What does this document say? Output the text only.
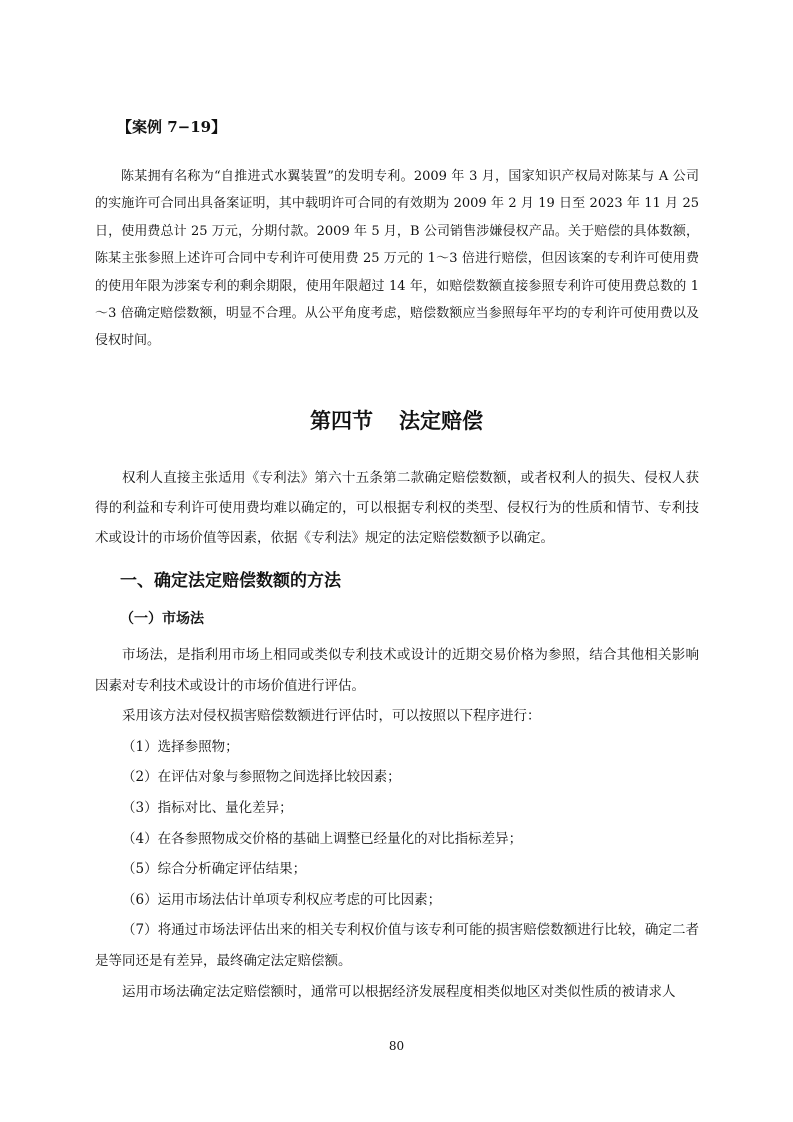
【案例 7−19】

陈某拥有名称为“自推进式水翼装置”的发明专利。2009 年 3 月，国家知识产权局对陈某与 A 公司的实施许可合同出具备案证明，其中载明许可合同的有效期为 2009 年 2 月 19 日至 2023 年 11 月 25 日，使用费总计 25 万元，分期付款。2009 年 5 月，B 公司销售涉嫌侵权产品。关于赔偿的具体数额，陈某主张参照上述许可合同中专利许可使用费 25 万元的 1～3 倍进行赔偿，但因该案的专利许可使用费的使用年限为涉案专利的剩余期限，使用年限超过 14 年，如赔偿数额直接参照专利许可使用费总数的 1～3 倍确定赔偿数额，明显不合理。从公平角度考虑，赔偿数额应当参照每年平均的专利许可使用费以及侵权时间。

第四节 法定赔偿

权利人直接主张适用《专利法》第六十五条第二款确定赔偿数额，或者权利人的损失、侵权人获得的利益和专利许可使用费均难以确定的，可以根据专利权的类型、侵权行为的性质和情节、专利技术或设计的市场价值等因素，依据《专利法》规定的法定赔偿数额予以确定。

一、确定法定赔偿数额的方法
（一）市场法

市场法，是指利用市场上相同或类似专利技术或设计的近期交易价格为参照，结合其他相关影响因素对专利技术或设计的市场价值进行评估。

采用该方法对侵权损害赔偿数额进行评估时，可以按照以下程序进行：

（1）选择参照物；

（2）在评估对象与参照物之间选择比较因素；

（3）指标对比、量化差异；

（4）在各参照物成交价格的基础上调整已经量化的对比指标差异；

（5）综合分析确定评估结果；

（6）运用市场法估计单项专利权应考虑的可比因素；

（7）将通过市场法评估出来的相关专利权价值与该专利可能的损害赔偿数额进行比较，确定二者是等同还是有差异，最终确定法定赔偿额。

运用市场法确定法定赔偿额时，通常可以根据经济发展程度相类似地区对类似性质的被请求人

80
